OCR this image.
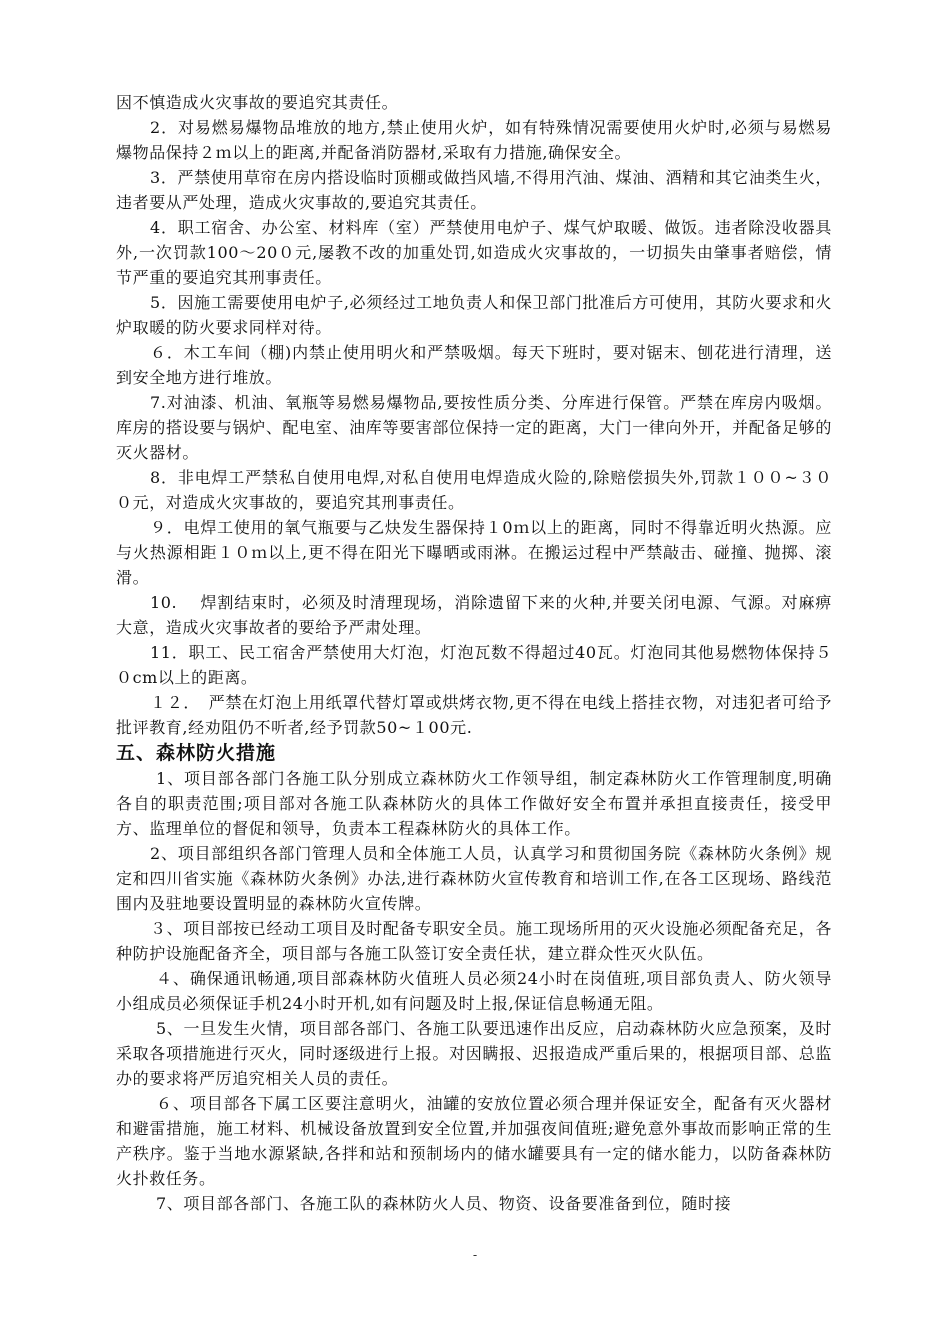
因不慎造成火灾事故的要追究其责任。

2．对易燃易爆物品堆放的地方,禁止使用火炉，如有特殊情况需要使用火炉时,必须与易燃易爆物品保持２ｍ以上的距离,并配备消防器材,采取有力措施,确保安全。

3．严禁使用草帘在房内搭设临时顶棚或做挡风墙,不得用汽油、煤油、酒精和其它油类生火，违者要从严处理，造成火灾事故的,要追究其责任。

4．职工宿舍、办公室、材料库（室）严禁使用电炉子、煤气炉取暖、做饭。违者除没收器具外,一次罚款100～20０元,屡教不改的加重处罚,如造成火灾事故的，一切损失由肇事者赔偿，情节严重的要追究其刑事责任。

5．因施工需要使用电炉子,必须经过工地负责人和保卫部门批准后方可使用，其防火要求和火炉取暖的防火要求同样对待。

６．木工车间（棚)内禁止使用明火和严禁吸烟。每天下班时，要对锯末、刨花进行清理，送到安全地方进行堆放。

7.对油漆、机油、氧瓶等易燃易爆物品,要按性质分类、分库进行保管。严禁在库房内吸烟。库房的搭设要与锅炉、配电室、油库等要害部位保持一定的距离，大门一律向外开，并配备足够的灭火器材。

8．非电焊工严禁私自使用电焊,对私自使用电焊造成火险的,除赔偿损失外,罚款１００~３００元，对造成火灾事故的，要追究其刑事责任。

９．电焊工使用的氧气瓶要与乙炔发生器保持１0ｍ以上的距离，同时不得靠近明火热源。应与火热源相距１０ｍ以上,更不得在阳光下曝晒或雨淋。在搬运过程中严禁敲击、碰撞、抛掷、滚滑。

10.　 焊割结束时，必须及时清理现场，消除遗留下来的火种,并要关闭电源、气源。对麻痹大意，造成火灾事故者的要给予严肃处理。

11．职工、民工宿舍严禁使用大灯泡，灯泡瓦数不得超过40瓦。灯泡同其他易燃物体保持５０cm以上的距离。

１２．　严禁在灯泡上用纸罩代替灯罩或烘烤衣物,更不得在电线上搭挂衣物，对违犯者可给予批评教育,经劝阻仍不听者,经予罚款50~１00元.

五、森林防火措施

1、项目部各部门各施工队分别成立森林防火工作领导组，制定森林防火工作管理制度,明确各自的职责范围;项目部对各施工队森林防火的具体工作做好安全布置并承担直接责任，接受甲方、监理单位的督促和领导，负责本工程森林防火的具体工作。

2、项目部组织各部门管理人员和全体施工人员，认真学习和贯彻国务院《森林防火条例》规定和四川省实施《森林防火条例》办法,进行森林防火宣传教育和培训工作,在各工区现场、路线范围内及驻地要设置明显的森林防火宣传牌。

３、项目部按已经动工项目及时配备专职安全员。施工现场所用的灭火设施必须配备充足，各种防护设施配备齐全，项目部与各施工队签订安全责任状，建立群众性灭火队伍。

４、确保通讯畅通,项目部森林防火值班人员必须24小时在岗值班,项目部负责人、防火领导小组成员必须保证手机24小时开机,如有问题及时上报,保证信息畅通无阻。

5、一旦发生火情，项目部各部门、各施工队要迅速作出反应，启动森林防火应急预案，及时采取各项措施进行灭火，同时逐级进行上报。对因瞒报、迟报造成严重后果的，根据项目部、总监办的要求将严厉追究相关人员的责任。

６、项目部各下属工区要注意明火，油罐的安放位置必须合理并保证安全，配备有灭火器材和避雷措施，施工材料、机械设备放置到安全位置,并加强夜间值班;避免意外事故而影响正常的生产秩序。鉴于当地水源紧缺,各拌和站和预制场内的储水罐要具有一定的储水能力，以防备森林防火扑救任务。

7、项目部各部门、各施工队的森林防火人员、物资、设备要准备到位，随时接

-
